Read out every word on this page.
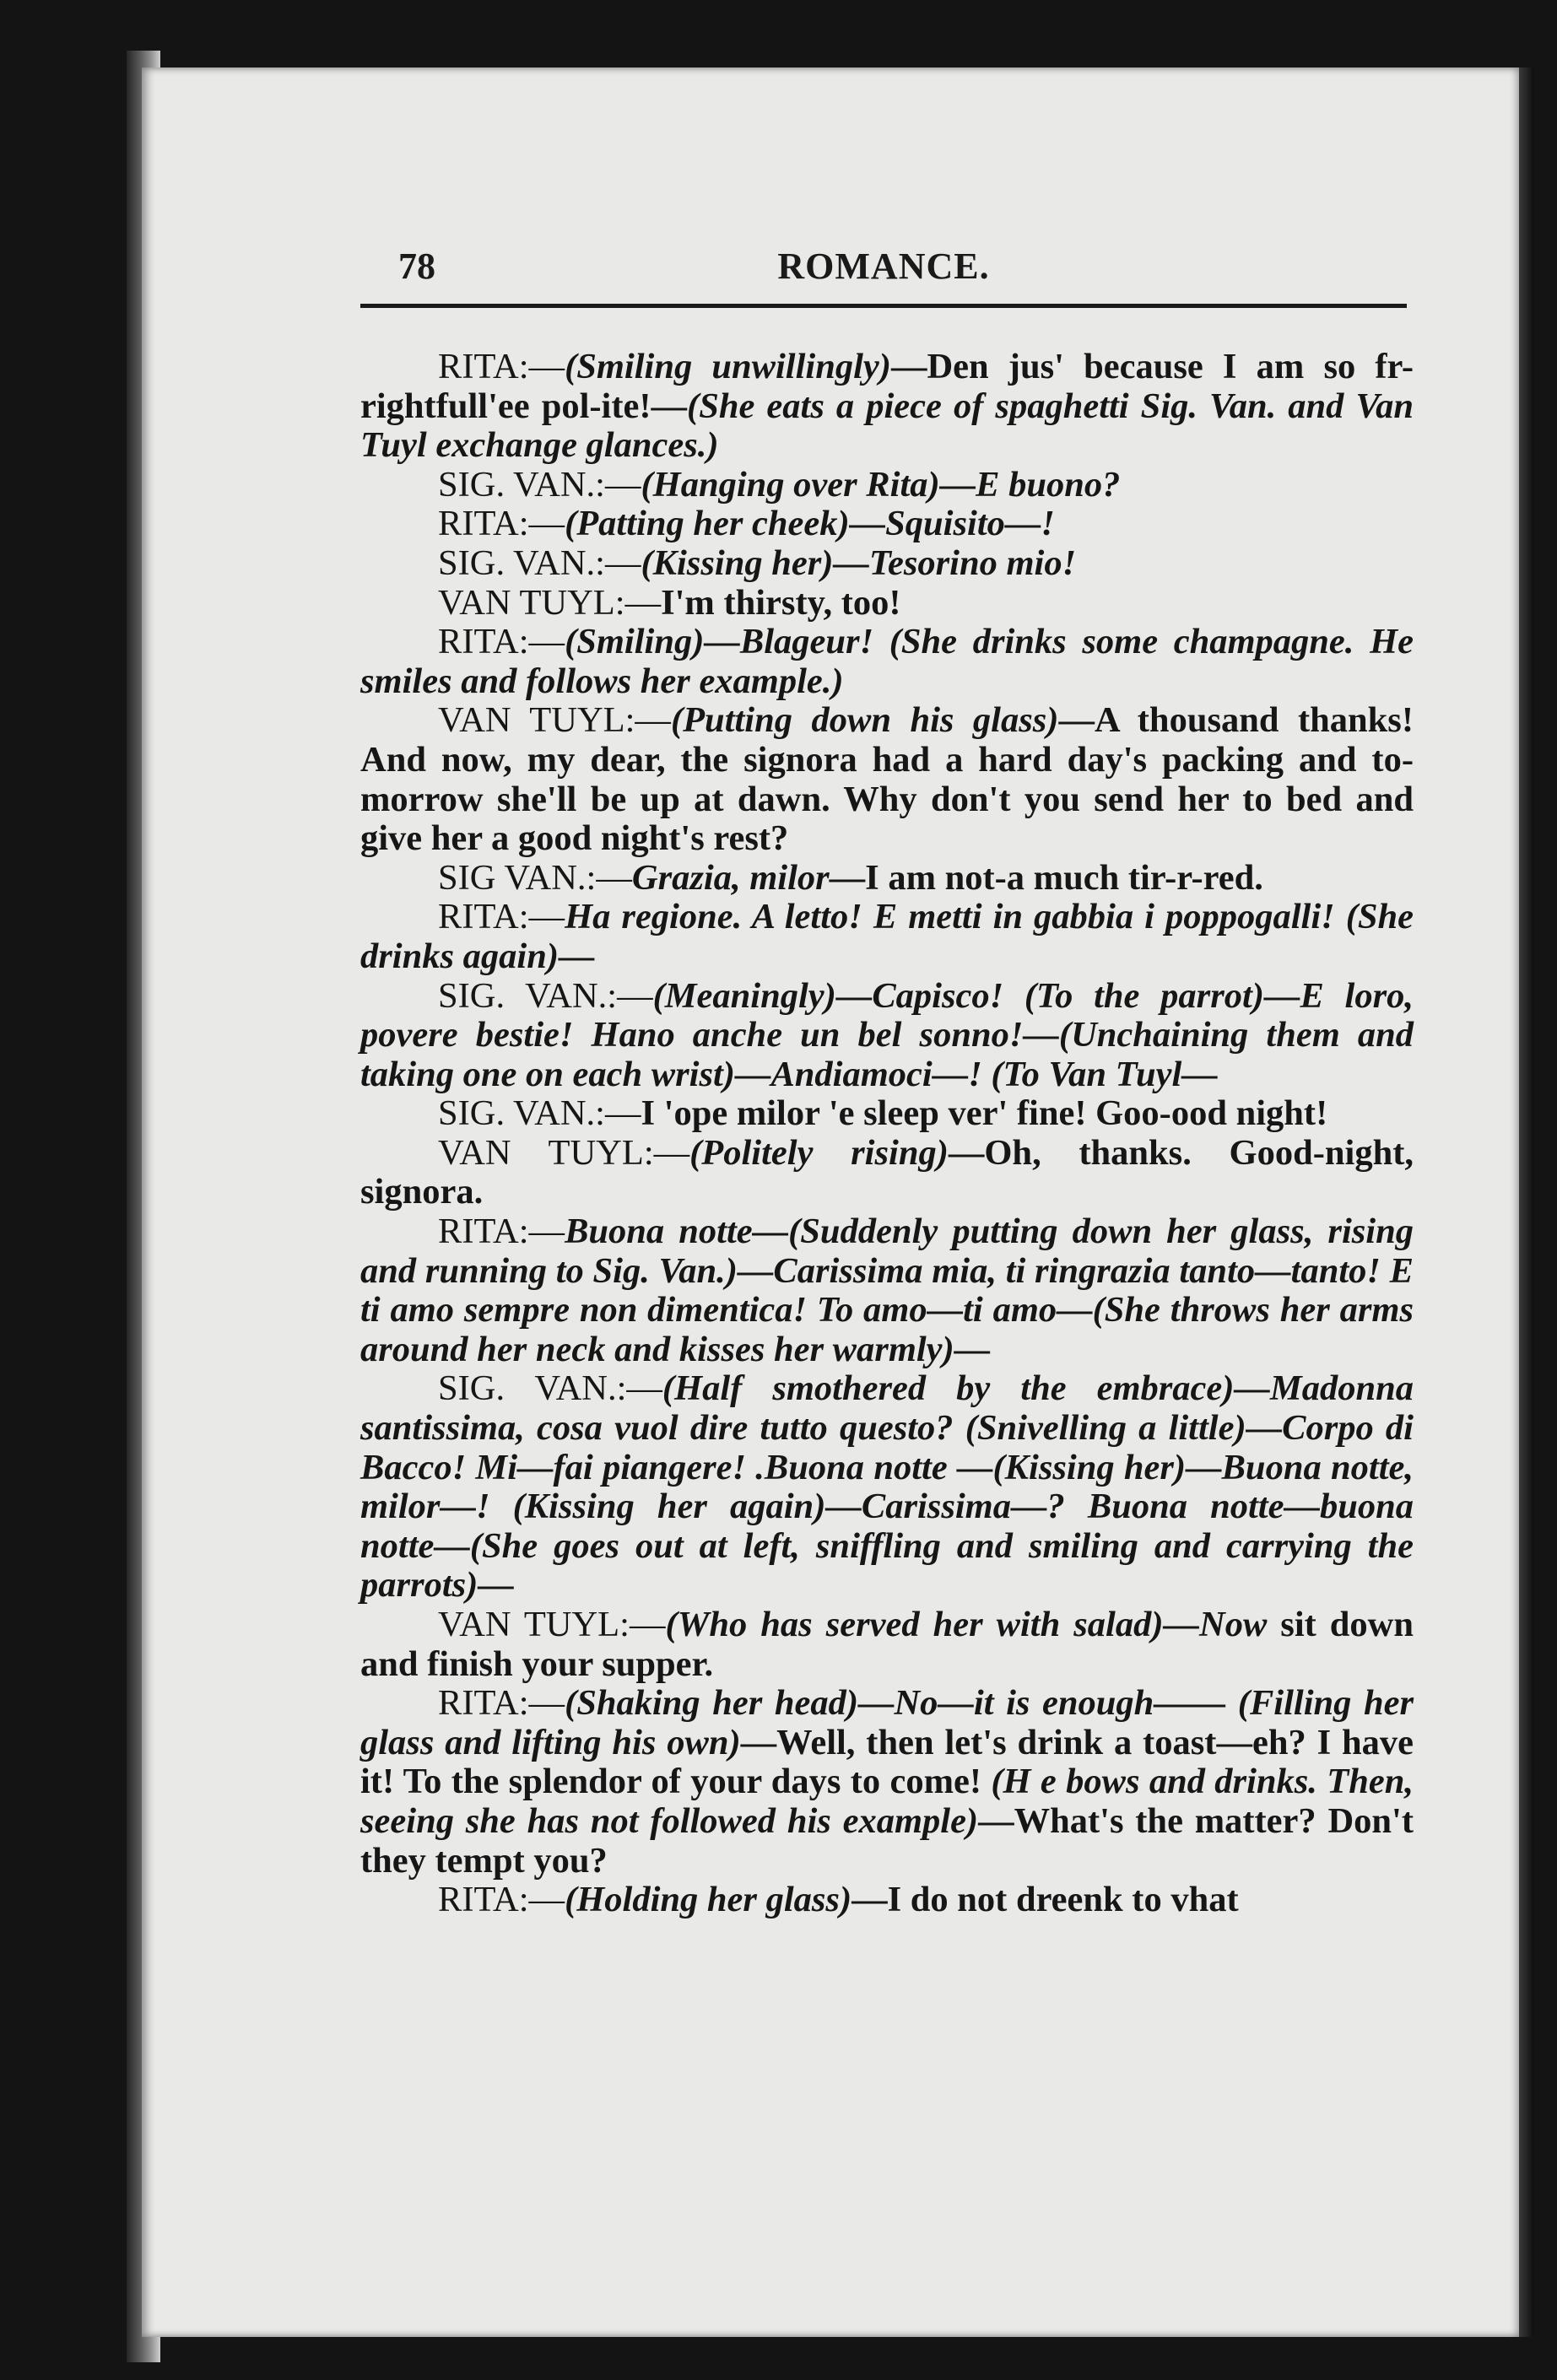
78	ROMANCE.

RITA:—(Smiling unwillingly)—Den jus' because I am so fr-rightfull'ee pol-ite!—(She eats a piece of spaghetti Sig. Van. and Van Tuyl exchange glances.)

SIG. VAN.:—(Hanging over Rita)—E buono?

RITA:—(Patting her cheek)—Squisito—!

SIG. VAN.:—(Kissing her)—Tesorino mio!

VAN TUYL:—I'm thirsty, too!

RITA:—(Smiling)—Blageur! (She drinks some champagne. He smiles and follows her example.)

VAN TUYL:—(Putting down his glass)—A thousand thanks! And now, my dear, the signora had a hard day's packing and to-morrow she'll be up at dawn. Why don't you send her to bed and give her a good night's rest?

SIG VAN.:—Grazia, milor—I am not-a much tir-r-red.

RITA:—Ha regione. A letto! E metti in gabbia i poppogalli! (She drinks again)—

SIG. VAN.:—(Meaningly)—Capisco! (To the parrot)—E loro, povere bestie! Hano anche un bel sonno!—(Unchaining them and taking one on each wrist)—Andiamoci—! (To Van Tuyl—

SIG. VAN.:—I 'ope milor 'e sleep ver' fine! Goo-ood night!

VAN TUYL:—(Politely rising)—Oh, thanks. Good-night, signora.

RITA:—Buona notte—(Suddenly putting down her glass, rising and running to Sig. Van.)—Carissima mia, ti ringrazia tanto—tanto! E ti amo sempre non dimentica! To amo—ti amo—(She throws her arms around her neck and kisses her warmly)—

SIG. VAN.:—(Half smothered by the embrace)—Madonna santissima, cosa vuol dire tutto questo? (Snivelling a little)—Corpo di Bacco! Mi—fai piangere! .Buona notte —(Kissing her)—Buona notte, milor—! (Kissing her again)—Carissima—? Buona notte—buona notte—(She goes out at left, sniffling and smiling and carrying the parrots)—

VAN TUYL:—(Who has served her with salad)—Now sit down and finish your supper.

RITA:—(Shaking her head)—No—it is enough—— (Filling her glass and lifting his own)—Well, then let's drink a toast—eh? I have it! To the splendor of your days to come! (H e bows and drinks. Then, seeing she has not followed his example)—What's the matter? Don't they tempt you?

RITA:—(Holding her glass)—I do not dreenk to vhat
